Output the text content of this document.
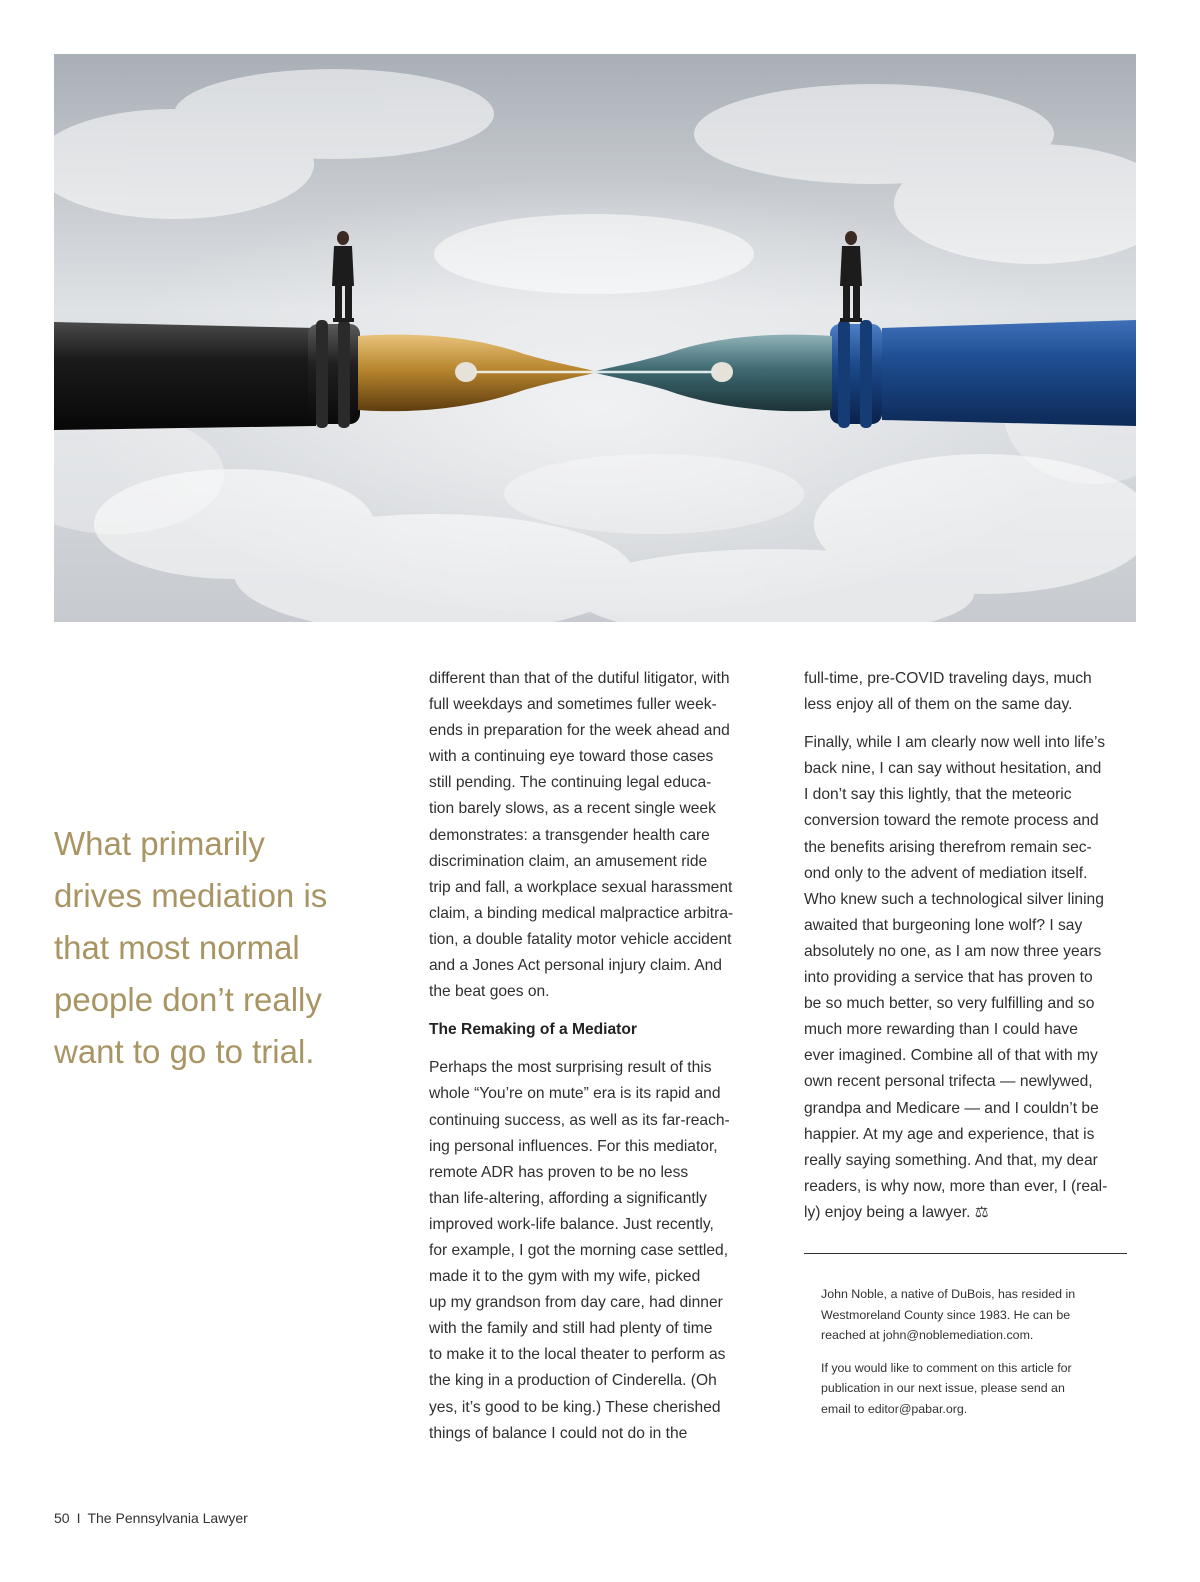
What primarily
drives mediation is
that most normal
people don’t really
want to go to trial.

different than that of the dutiful litigator, with
full weekdays and sometimes fuller week-
ends in preparation for the week ahead and
with a continuing eye toward those cases
still pending. The continuing legal educa-
tion barely slows, as a recent single week
demonstrates: a transgender health care
discrimination claim, an amusement ride
trip and fall, a workplace sexual harassment
claim, a binding medical malpractice arbitra-
tion, a double fatality motor vehicle accident
and a Jones Act personal injury claim. And
the beat goes on.
The Remaking of a Mediator
Perhaps the most surprising result of this
whole “You’re on mute” era is its rapid and
continuing success, as well as its far-reach-
ing personal influences. For this mediator,
remote ADR has proven to be no less
than life-altering, affording a significantly
improved work-life balance. Just recently,
for example, I got the morning case settled,
made it to the gym with my wife, picked
up my grandson from day care, had dinner
with the family and still had plenty of time
to make it to the local theater to perform as
the king in a production of Cinderella. (Oh
yes, it’s good to be king.) These cherished
things of balance I could not do in the
full-time, pre-COVID traveling days, much
less enjoy all of them on the same day.
Finally, while I am clearly now well into life’s
back nine, I can say without hesitation, and
I don’t say this lightly, that the meteoric
conversion toward the remote process and
the benefits arising therefrom remain sec-
ond only to the advent of mediation itself.
Who knew such a technological silver lining
awaited that burgeoning lone wolf? I say
absolutely no one, as I am now three years
into providing a service that has proven to
be so much better, so very fulfilling and so
much more rewarding than I could have
ever imagined. Combine all of that with my
own recent personal trifecta — newlywed,
grandpa and Medicare — and I couldn’t be
happier. At my age and experience, that is
really saying something. And that, my dear
readers, is why now, more than ever, I (real-
ly) enjoy being a lawyer. ⚖
John Noble, a native of DuBois, has resided in
Westmoreland County since 1983. He can be
reached at john@noblemediation.com.
If you would like to comment on this article for
publication in our next issue, please send an
email to editor@pabar.org.
50 I The Pennsylvania Lawyer
